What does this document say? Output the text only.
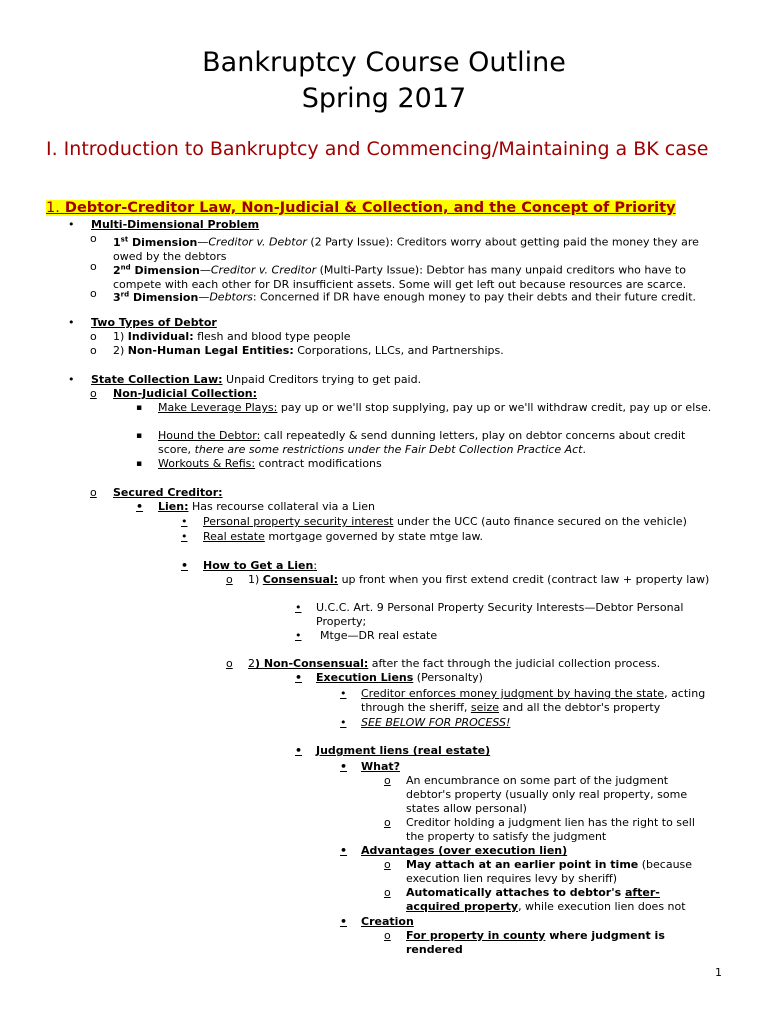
Bankruptcy Course Outline
Spring 2017
I. Introduction to Bankruptcy and Commencing/Maintaining a BK case
1. Debtor-Creditor Law, Non-Judicial & Collection, and the Concept of Priority
• Multi-Dimensional Problem
o 1st Dimension—Creditor v. Debtor (2 Party Issue): Creditors worry about getting paid the money they are owed by the debtors
o 2nd Dimension—Creditor v. Creditor (Multi-Party Issue): Debtor has many unpaid creditors who have to compete with each other for DR insufficient assets. Some will get left out because resources are scarce.
o 3rd Dimension—Debtors: Concerned if DR have enough money to pay their debts and their future credit.
• Two Types of Debtor
o 1) Individual: flesh and blood type people
o 2) Non-Human Legal Entities: Corporations, LLCs, and Partnerships.
• State Collection Law: Unpaid Creditors trying to get paid.
o Non-Judicial Collection:
▪ Make Leverage Plays: pay up or we'll stop supplying, pay up or we'll withdraw credit, pay up or else.
▪ Hound the Debtor: call repeatedly & send dunning letters, play on debtor concerns about credit score, there are some restrictions under the Fair Debt Collection Practice Act.
▪ Workouts & Refis: contract modifications
o Secured Creditor:
• Lien: Has recourse collateral via a Lien
• Personal property security interest under the UCC (auto finance secured on the vehicle)
• Real estate mortgage governed by state mtge law.
• How to Get a Lien:
o 1) Consensual: up front when you first extend credit (contract law + property law)
• U.C.C. Art. 9 Personal Property Security Interests—Debtor Personal Property;
• Mtge—DR real estate
o 2) Non-Consensual: after the fact through the judicial collection process.
• Execution Liens (Personalty)
• Creditor enforces money judgment by having the state, acting through the sheriff, seize and all the debtor's property
• SEE BELOW FOR PROCESS!
• Judgment liens (real estate)
• What?
o An encumbrance on some part of the judgment debtor's property (usually only real property, some states allow personal)
o Creditor holding a judgment lien has the right to sell the property to satisfy the judgment
• Advantages (over execution lien)
o May attach at an earlier point in time (because execution lien requires levy by sheriff)
o Automatically attaches to debtor's after-acquired property, while execution lien does not
• Creation
o For property in county where judgment is rendered
1
